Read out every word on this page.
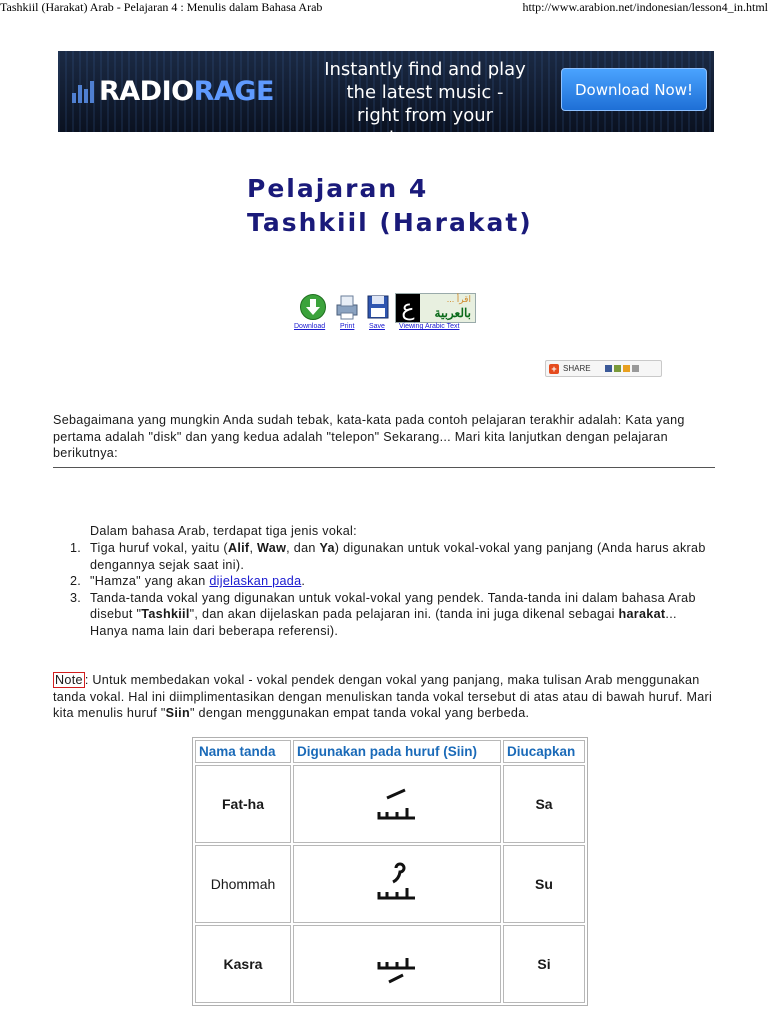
Tashkiil (Harakat) Arab - Pelajaran 4 : Menulis dalam Bahasa Arab	http://www.arabion.net/indonesian/lesson4_in.html
RADIORAGE
Instantly find and play
the latest music -
right from your browser
Download Now!
Pelajaran 4
Tashkiil (Harakat)
ع	اقرأ ...
بالعربية
Download Print Save Viewing Arabic Text
+ SHARE
Sebagaimana yang mungkin Anda sudah tebak, kata-kata pada contoh pelajaran terakhir adalah: Kata yang pertama adalah "disk" dan yang kedua adalah "telepon" Sekarang... Mari kita lanjutkan dengan pelajaran berikutnya:
Dalam bahasa Arab, terdapat tiga jenis vokal:
1. Tiga huruf vokal, yaitu (Alif, Waw, dan Ya) digunakan untuk vokal-vokal yang panjang (Anda harus akrab dengannya sejak saat ini).
2. "Hamza" yang akan dijelaskan pada.
3. Tanda-tanda vokal yang digunakan untuk vokal-vokal yang pendek. Tanda-tanda ini dalam bahasa Arab disebut "Tashkiil", dan akan dijelaskan pada pelajaran ini. (tanda ini juga dikenal sebagai harakat... Hanya nama lain dari beberapa referensi).
Note : Untuk membedakan vokal - vokal pendek dengan vokal yang panjang, maka tulisan Arab menggunakan tanda vokal. Hal ini diimplimentasikan dengan menuliskan tanda vokal tersebut di atas atau di bawah huruf. Mari kita menulis huruf "Siin" dengan menggunakan empat tanda vokal yang berbeda.
Nama tanda	Digunakan pada huruf (Siin)	Diucapkan
Fat-ha		Sa
Dhommah		Su
Kasra		Si
